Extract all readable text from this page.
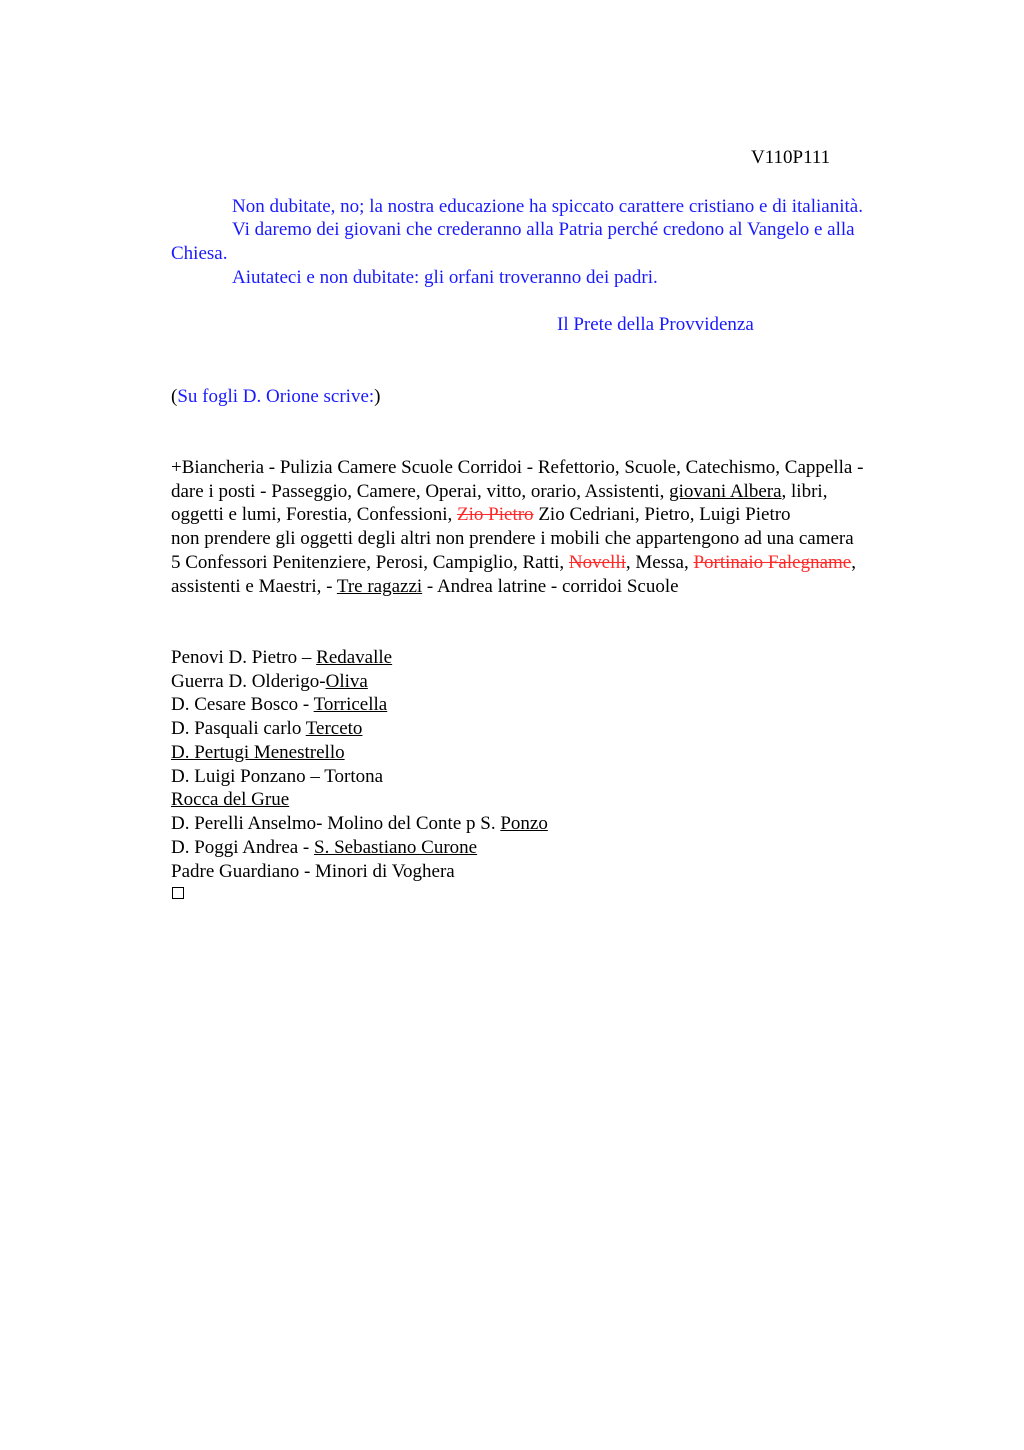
V110P111
Non dubitate, no; la nostra educazione ha spiccato carattere cristiano e di italianità.
Vi daremo dei giovani che crederanno alla Patria perché credono al Vangelo e alla
Chiesa.
Aiutateci e non dubitate: gli orfani troveranno dei padri.
Il Prete della Provvidenza
(Su fogli D. Orione scrive:)
+Biancheria - Pulizia Camere Scuole Corridoi - Refettorio, Scuole, Catechismo, Cappella -
dare i posti - Passeggio, Camere, Operai, vitto, orario, Assistenti, giovani Albera, libri,
oggetti e lumi, Forestia, Confessioni, Zio Pietro Zio Cedriani, Pietro, Luigi Pietro
non prendere gli oggetti degli altri non prendere i mobili che appartengono ad una camera
5 Confessori Penitenziere, Perosi, Campiglio, Ratti, Novelli, Messa, Portinaio Falegname,
assistenti e Maestri, - Tre ragazzi - Andrea latrine - corridoi Scuole
Penovi D. Pietro – Redavalle
Guerra D. Olderigo-Oliva
D. Cesare Bosco - Torricella
D. Pasquali carlo Terceto
D. Pertugi Menestrello
D. Luigi Ponzano – Tortona
Rocca del Grue
D. Perelli Anselmo- Molino del Conte p S. Ponzo
D. Poggi Andrea - S. Sebastiano Curone
Padre Guardiano - Minori di Voghera
